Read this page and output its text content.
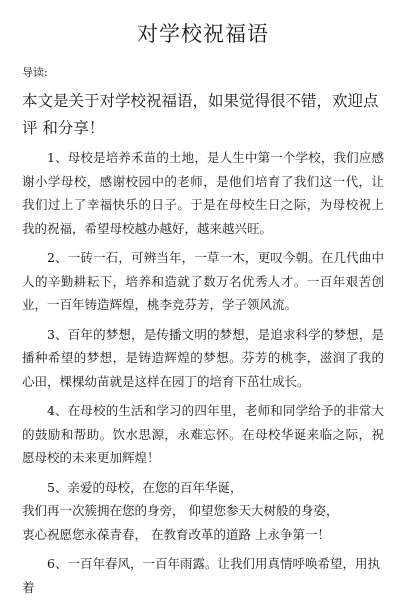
对学校祝福语
导读:

本文是关于对学校祝福语，如果觉得很不错，欢迎点评 和分享！

1、母校是培养禾苗的土地，是人生中第一个学校，我们应感谢小学母校，感谢校园中的老师，是他们培育了我们这一代，让我们过上了幸福快乐的日子。于是在母校生日之际，为母校祝上我的祝福，希望母校越办越好，越来越兴旺。

2、一砖一石，可辨当年，一草一木，更叹今朝。在几代曲中人的辛勤耕耘下，培养和造就了数万名优秀人才。一百年艰苦创业，一百年铸造辉煌，桃李竞芬芳，学子领风流。

3、百年的梦想，是传播文明的梦想，是追求科学的梦想，是播种希望的梦想，是铸造辉煌的梦想。芬芳的桃李，滋润了我的心田，棵棵幼苗就是这样在园丁的培育下茁壮成长。

4、在母校的生活和学习的四年里，老师和同学给予的非常大的鼓励和帮助。饮水思源，永难忘怀。在母校华诞来临之际，祝愿母校的未来更加辉煌！

5、亲爱的母校，在您的百年华诞，

我们再一次簇拥在您的身旁， 仰望您参天大树般的身姿，

衷心祝愿您永葆青春， 在教育改革的道路 上永争第一！

6、一百年春风，一百年雨露。让我们用真情呼唤希望，用执着
